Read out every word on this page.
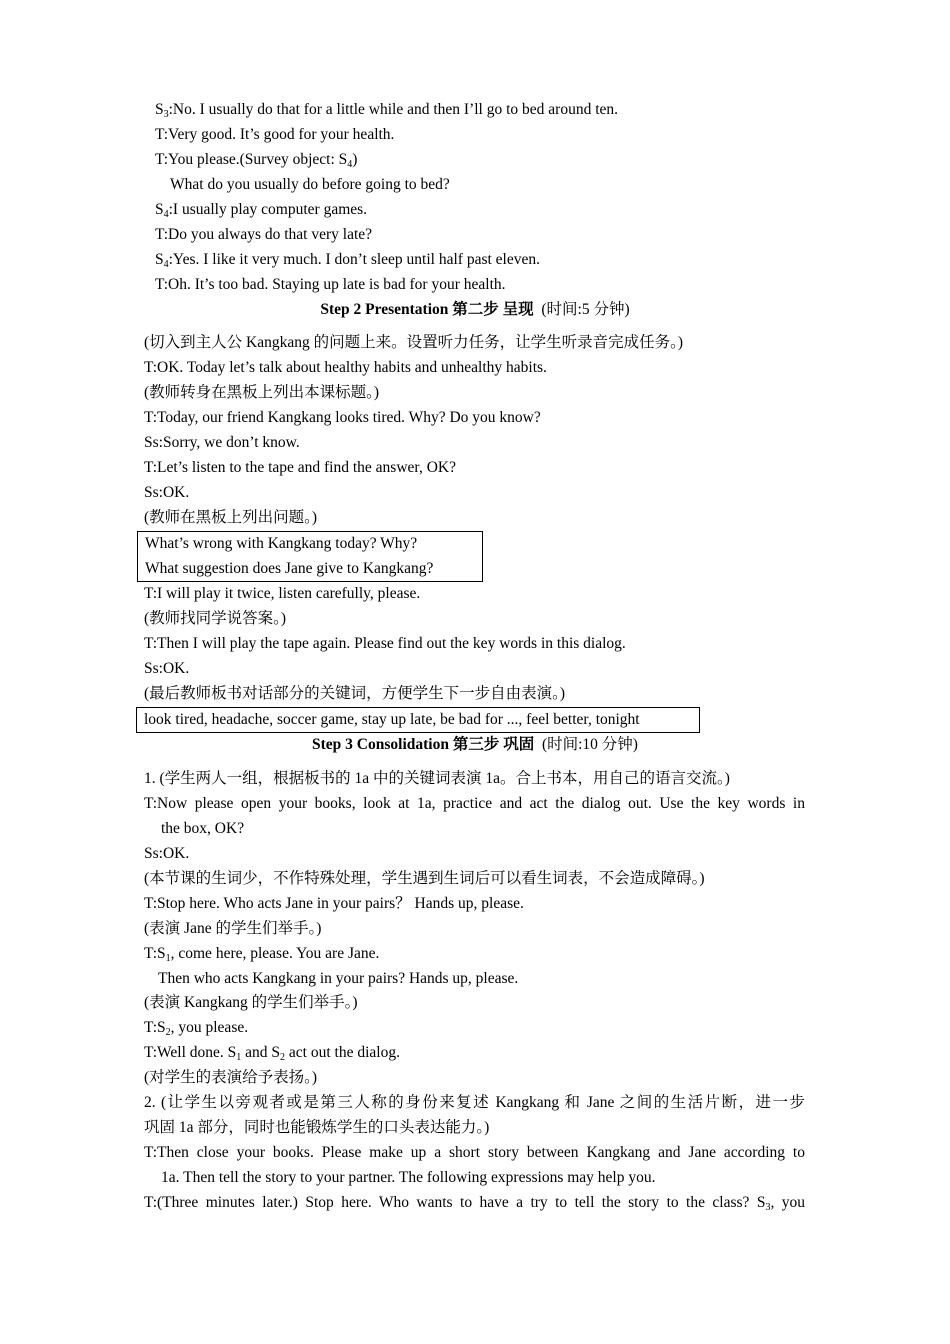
$S_3:No$. I usually do that for a little while and then I’ll go to bed around ten.
T:Very good. It’s good for your health.
T:You please.(Survey object: $S_4$)
What do you usually do before going to bed?
$S_4:I$ usually play computer games.
T:Do you always do that very late?
$S_4:Yes$. I like it very much. I don’t sleep until half past eleven.
T:Oh. It’s too bad. Staying up late is bad for your health.
Step 2 Presentation 第二步 呈现 (时间:5 分钟)
(切入到主人公 Kangkang 的问题上来。设置听力任务，让学生听录音完成任务。)
T:OK. Today let’s talk about healthy habits and unhealthy habits.
(教师转身在黑板上列出本课标题。)
T:Today, our friend Kangkang looks tired. Why? Do you know?
Ss:Sorry, we don’t know.
T:Let’s listen to the tape and find the answer, OK?
Ss:OK.
(教师在黑板上列出问题。)
What’s wrong with Kangkang today? Why?
What suggestion does Jane give to Kangkang?
T:I will play it twice, listen carefully, please.
(教师找同学说答案。)
T:Then I will play the tape again. Please find out the key words in this dialog.
Ss:OK.
(最后教师板书对话部分的关键词，方便学生下一步自由表演。)
look tired, headache, soccer game, stay up late, be bad for ..., feel better, tonight
Step 3 Consolidation 第三步 巩固 (时间:10 分钟)
1. (学生两人一组，根据板书的 1a 中的关键词表演 1a。合上书本，用自己的语言交流。)
T:Now please open your books, look at 1a, practice and act the dialog out. Use the key words in
the box, OK?
Ss:OK.
(本节课的生词少，不作特殊处理，学生遇到生词后可以看生词表，不会造成障碍。)
T:Stop here. Who acts Jane in your pairs？ Hands up, please.
(表演 Jane 的学生们举手。)
$T:S_1$, come here, please. You are Jane.
Then who acts Kangkang in your pairs? Hands up, please.
(表演 Kangkang 的学生们举手。)
$T:S_2$, you please.
T:Well done. $S_1$ and $S_2$ act out the dialog.
(对学生的表演给予表扬。)
2. (让学生以旁观者或是第三人称的身份来复述 Kangkang 和 Jane 之间的生活片断，进一步
巩固 1a 部分，同时也能锻炼学生的口头表达能力。)
T:Then close your books. Please make up a short story between Kangkang and Jane according to
1a. Then tell the story to your partner. The following expressions may help you.
T:(Three minutes later.) Stop here. Who wants to have a try to tell the story to the class? $S_3$, you
